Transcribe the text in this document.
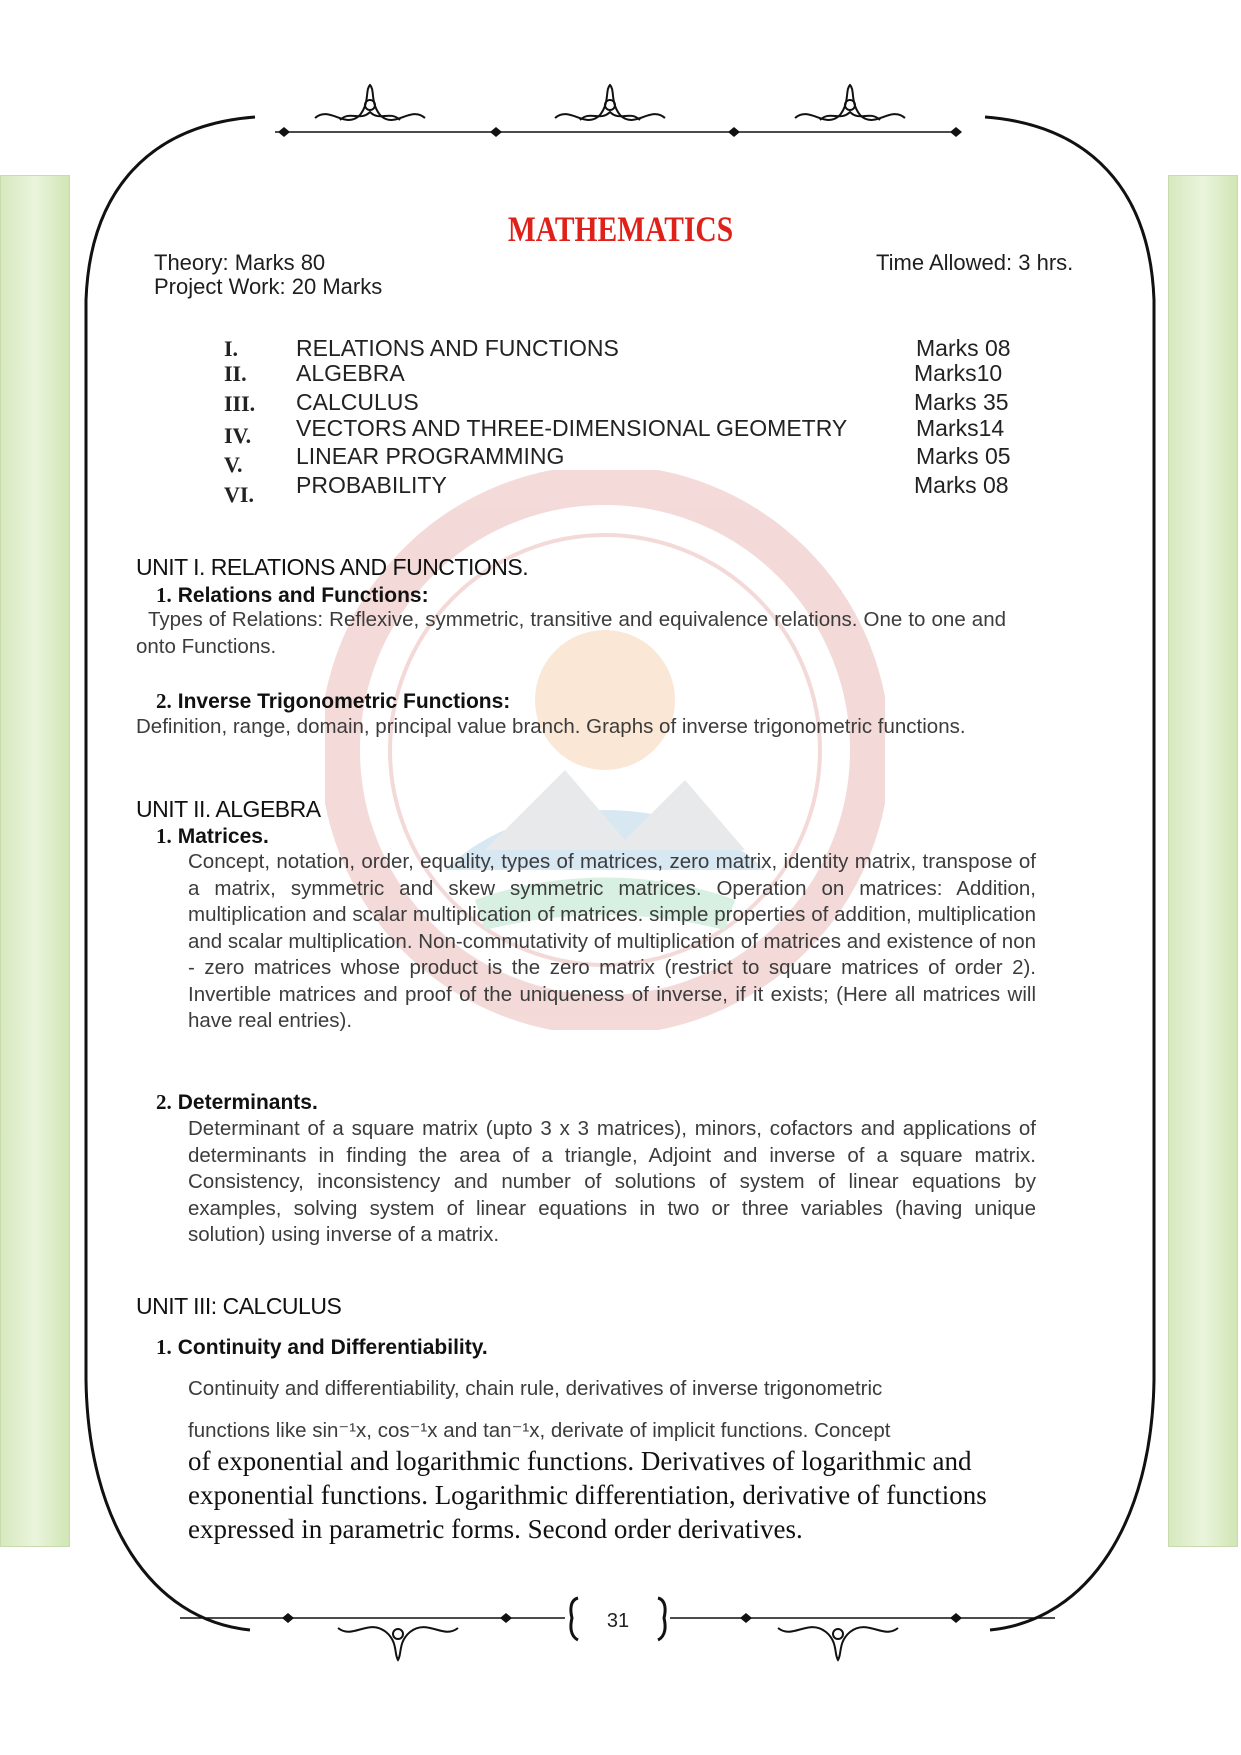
MATHEMATICS
Theory: Marks 80
Project Work: 20 Marks
Time Allowed: 3 hrs.
I.	RELATIONS AND FUNCTIONS	Marks 08
II. ALGEBRA	Marks10
III. CALCULUS	Marks 35
IV. VECTORS AND THREE-DIMENSIONAL GEOMETRY	Marks14
V. LINEAR PROGRAMMING	Marks 05
VI. PROBABILITY	Marks 08
UNIT I. RELATIONS AND FUNCTIONS.
1. Relations and Functions:
Types of Relations: Reflexive, symmetric, transitive and equivalence relations. One to one and onto Functions.
2. Inverse Trigonometric Functions:
Definition, range, domain, principal value branch. Graphs of inverse trigonometric functions.
UNIT II. ALGEBRA
1. Matrices.
Concept, notation, order, equality, types of matrices, zero matrix, identity matrix, transpose of a matrix, symmetric and skew symmetric matrices. Operation on matrices: Addition, multiplication and scalar multiplication of matrices. simple properties of addition, multiplication and scalar multiplication. Non-commutativity of multiplication of matrices and existence of non - zero matrices whose product is the zero matrix (restrict to square matrices of order 2). Invertible matrices and proof of the uniqueness of inverse, if it exists; (Here all matrices will have real entries).
2. Determinants.
Determinant of a square matrix (upto 3 x 3 matrices), minors, cofactors and applications of determinants in finding the area of a triangle, Adjoint and inverse of a square matrix. Consistency, inconsistency and number of solutions of system of linear equations by examples, solving system of linear equations in two or three variables (having unique solution) using inverse of a matrix.
UNIT III: CALCULUS
1. Continuity and Differentiability.
Continuity and differentiability, chain rule, derivatives of inverse trigonometric
functions like sin⁻¹x, cos⁻¹x and tan⁻¹x, derivate of implicit functions. Concept
of exponential and logarithmic functions. Derivatives of logarithmic and exponential functions. Logarithmic differentiation, derivative of functions expressed in parametric forms. Second order derivatives.
31
